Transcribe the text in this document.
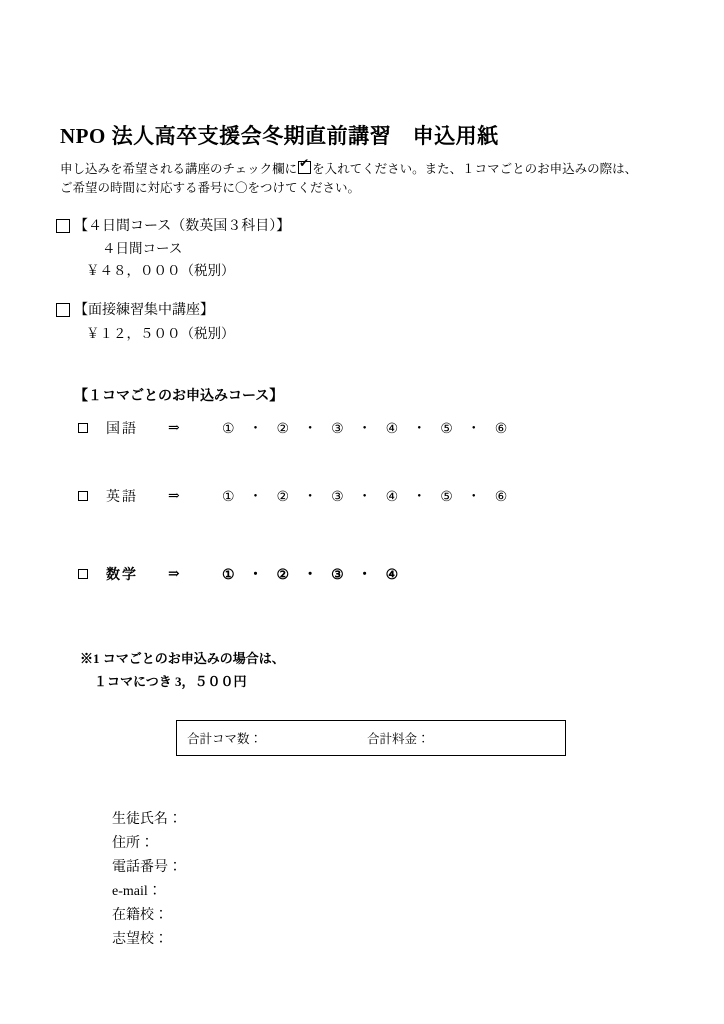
NPO 法人高卒支援会冬期直前講習　申込用紙

申し込みを希望される講座のチェック欄に ✔ を入れてください。また、１コマごとのお申込みの際は、
ご希望の時間に対応する番号に〇をつけてください。

【４日間コース（数英国３科目）】
４日間コース
￥４８，０００（税別）
【面接練習集中講座】
￥１２，５００（税別）
【１コマごとのお申込みコース】
国語	⇒	①　・　②　・　③　・　④　・　⑤　・　⑥
英語	⇒	①　・　②　・　③　・　④　・　⑤　・　⑥
数学	⇒	①　・　②　・　③　・　④
※1 コマごとのお申込みの場合は、
１コマにつき 3，５００円
合計コマ数：	合計料金：
生徒氏名：
住所：
電話番号：
e-mail：
在籍校：
志望校：
